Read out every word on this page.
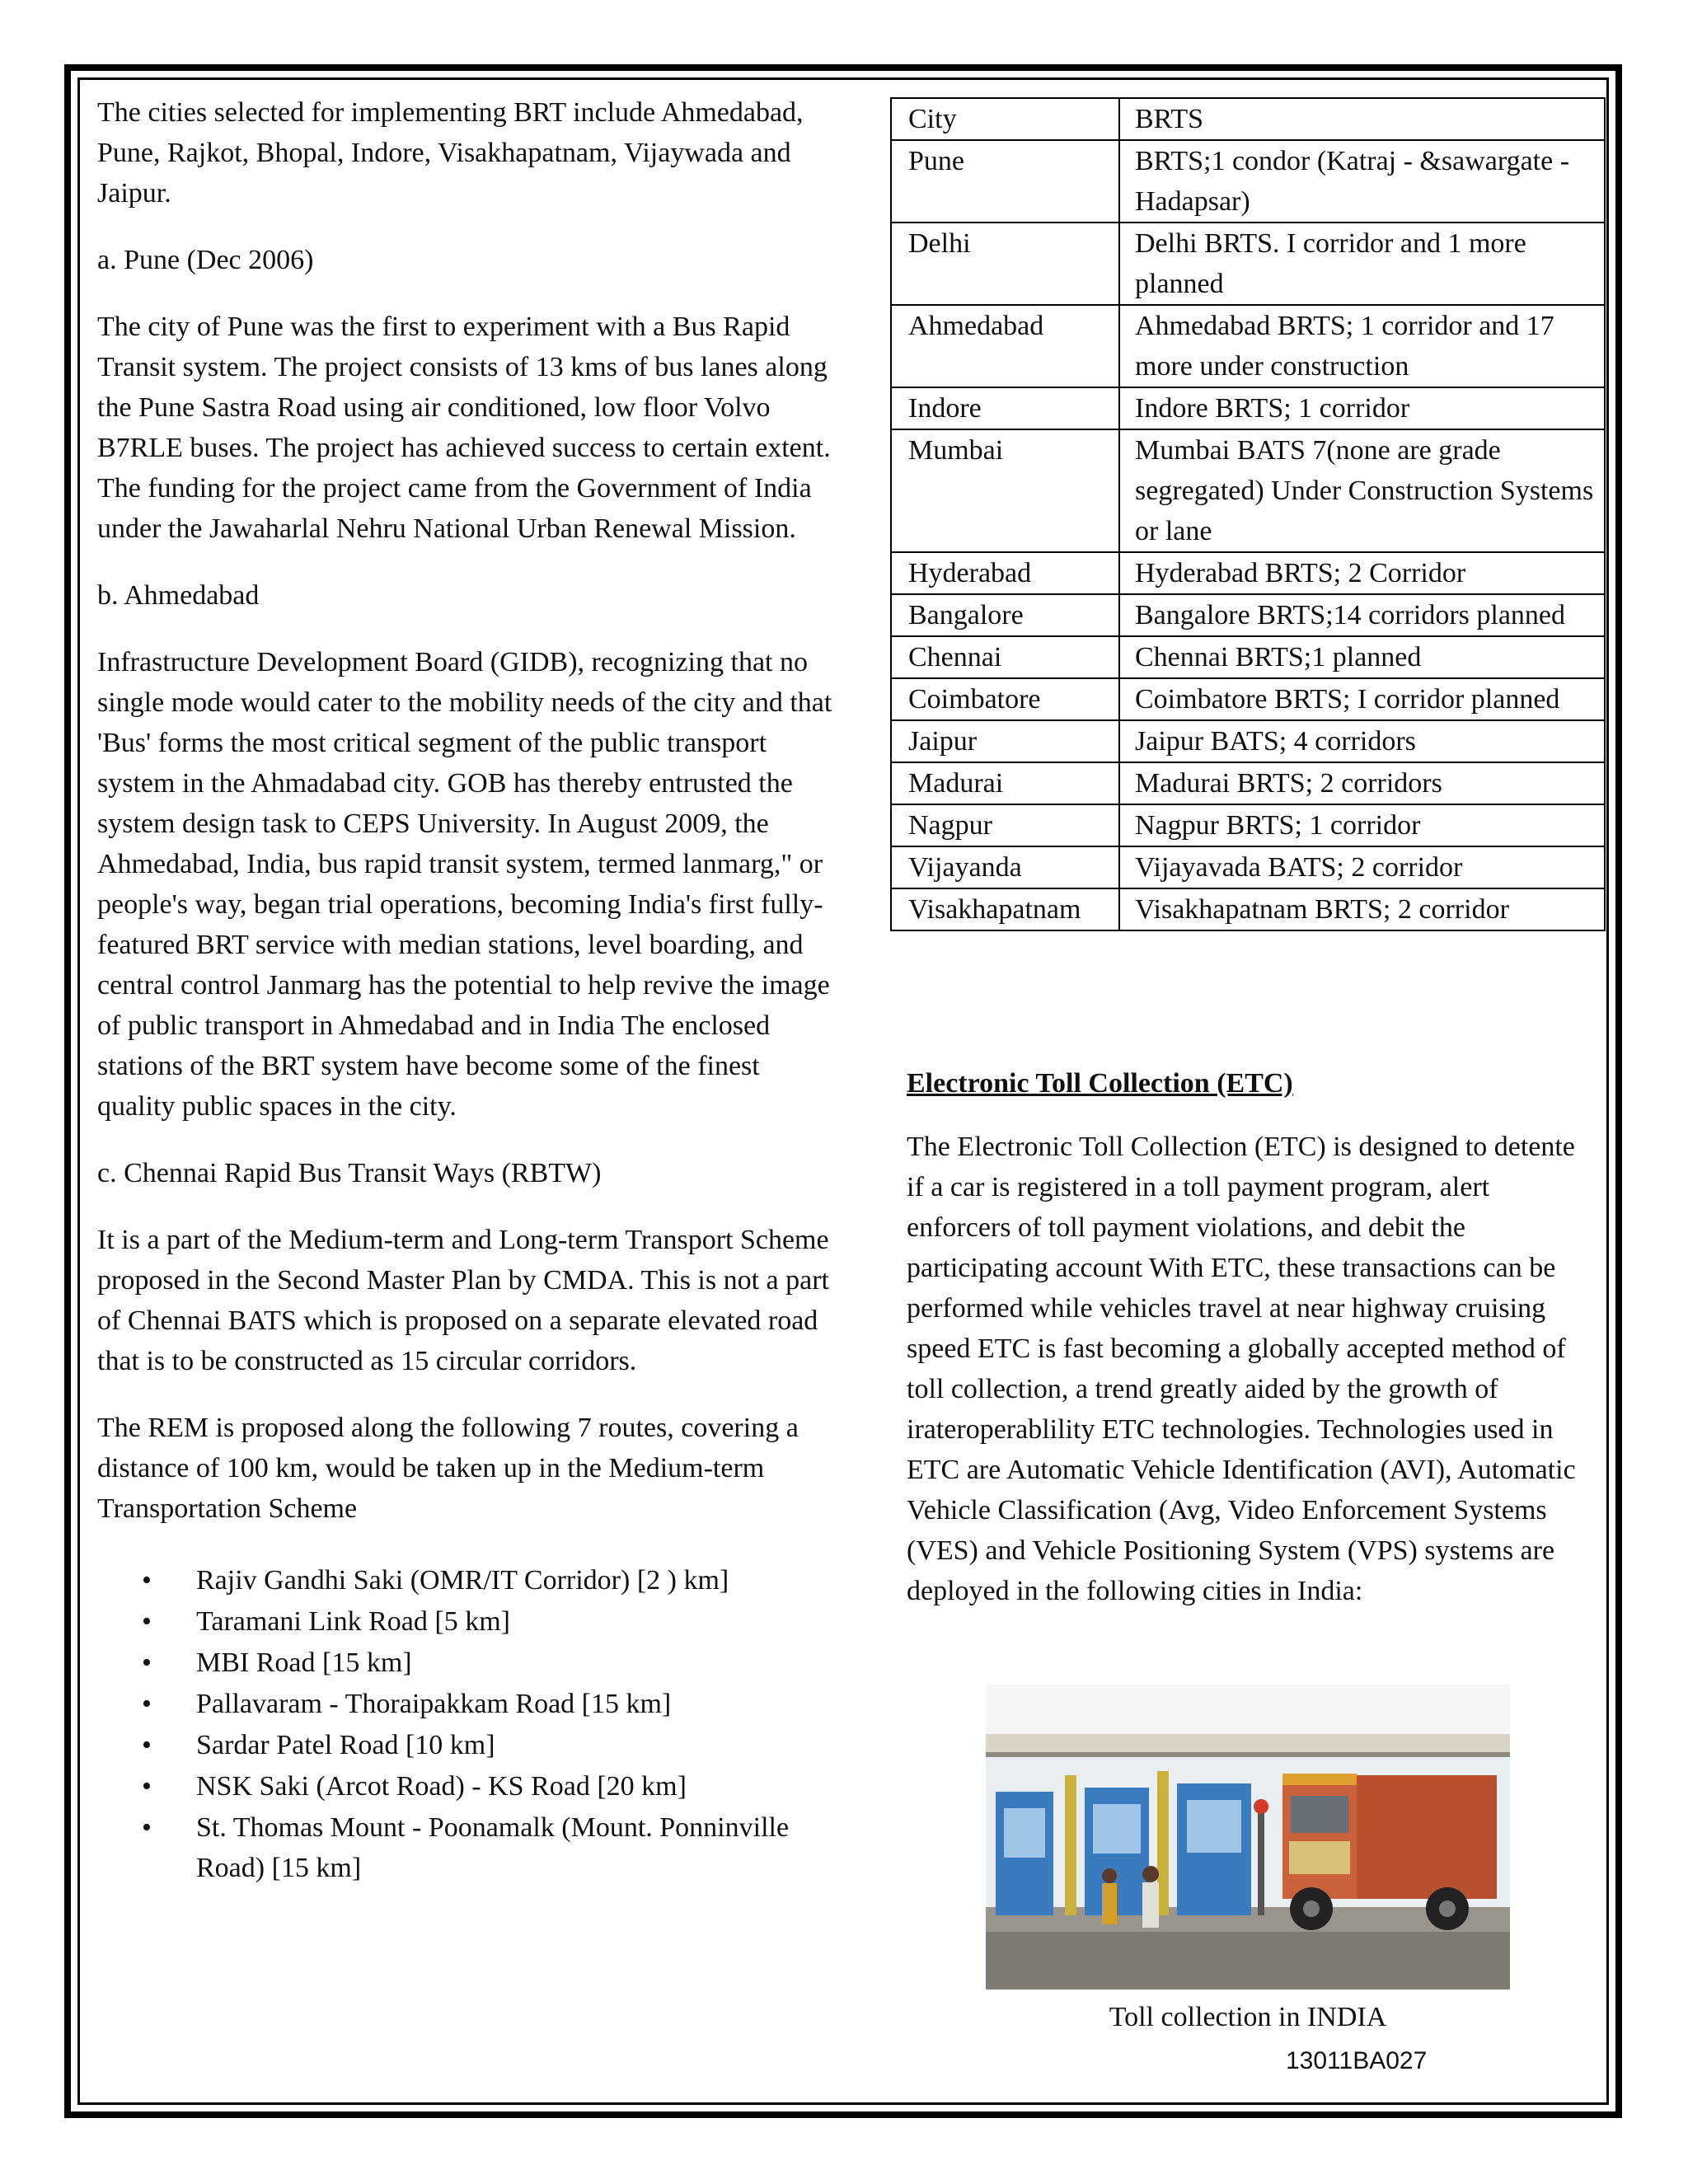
The cities selected for implementing BRT include Ahmedabad, Pune, Rajkot, Bhopal, Indore, Visakhapatnam, Vijaywada and Jaipur.

a. Pune (Dec 2006)

The city of Pune was the first to experiment with a Bus Rapid Transit system. The project consists of 13 kms of bus lanes along the Pune Sastra Road using air conditioned, low floor Volvo B7RLE buses. The project has achieved success to certain extent. The funding for the project came from the Government of India under the Jawaharlal Nehru National Urban Renewal Mission.

b. Ahmedabad

Infrastructure Development Board (GIDB), recognizing that no single mode would cater to the mobility needs of the city and that 'Bus' forms the most critical segment of the public transport system in the Ahmadabad city. GOB has thereby entrusted the system design task to CEPS University. In August 2009, the Ahmedabad, India, bus rapid transit system, termed lanmarg," or people's way, began trial operations, becoming India's first fully-featured BRT service with median stations, level boarding, and central control Janmarg has the potential to help revive the image of public transport in Ahmedabad and in India The enclosed stations of the BRT system have become some of the finest quality public spaces in the city.

c. Chennai Rapid Bus Transit Ways (RBTW)

It is a part of the Medium-term and Long-term Transport Scheme proposed in the Second Master Plan by CMDA. This is not a part of Chennai BATS which is proposed on a separate elevated road that is to be constructed as 15 circular corridors.

The REM is proposed along the following 7 routes, covering a distance of 100 km, would be taken up in the Medium-term Transportation Scheme

• Rajiv Gandhi Saki (OMR/IT Corridor) [2 ) km]
• Taramani Link Road [5 km]
• MBI Road [15 km]
• Pallavaram - Thoraipakkam Road [15 km]
• Sardar Patel Road [10 km]
• NSK Saki (Arcot Road) - KS Road [20 km]
• St. Thomas Mount - Poonamalk (Mount. Ponninville Road) [15 km]
City	BRTS
Pune	BRTS;1 condor (Katraj - &sawargate - Hadapsar)
Delhi	Delhi BRTS. I corridor and 1 more planned
Ahmedabad	Ahmedabad BRTS; 1 corridor and 17 more under construction
Indore	Indore BRTS; 1 corridor
Mumbai	Mumbai BATS 7(none are grade segregated) Under Construction Systems or lane
Hyderabad	Hyderabad BRTS; 2 Corridor
Bangalore	Bangalore BRTS;14 corridors planned
Chennai	Chennai BRTS;1 planned
Coimbatore	Coimbatore BRTS; I corridor planned
Jaipur	Jaipur BATS; 4 corridors
Madurai	Madurai BRTS; 2 corridors
Nagpur	Nagpur BRTS; 1 corridor
Vijayanda	Vijayavada BATS; 2 corridor
Visakhapatnam	Visakhapatnam BRTS; 2 corridor
Electronic Toll Collection (ETC)

The Electronic Toll Collection (ETC) is designed to detente if a car is registered in a toll payment program, alert enforcers of toll payment violations, and debit the participating account With ETC, these transactions can be performed while vehicles travel at near highway cruising speed ETC is fast becoming a globally accepted method of toll collection, a trend greatly aided by the growth of irateroperablility ETC technologies. Technologies used in ETC are Automatic Vehicle Identification (AVI), Automatic Vehicle Classification (Avg, Video Enforcement Systems (VES) and Vehicle Positioning System (VPS) systems are deployed in the following cities in India:

Toll collection in INDIA
13011BA027
